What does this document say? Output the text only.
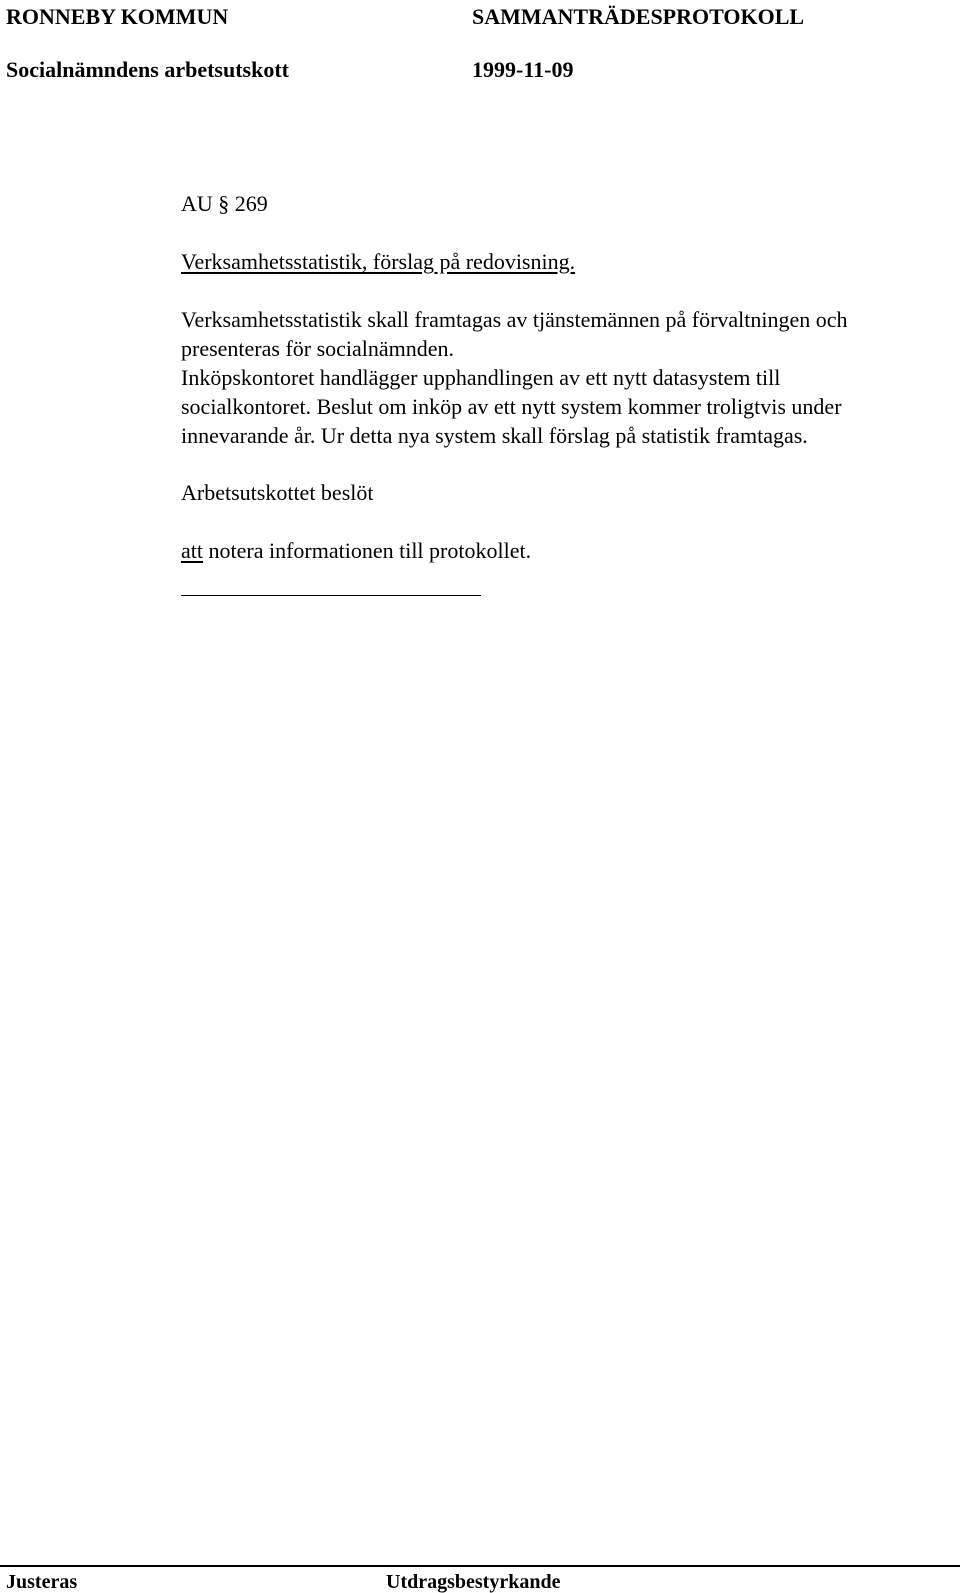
RONNEBY KOMMUN	SAMMANTRÄDESPROTOKOLL
Socialnämndens arbetsutskott	1999-11-09
AU § 269
Verksamhetsstatistik, förslag på redovisning.
Verksamhetsstatistik skall framtagas av tjänstemännen på förvaltningen och
presenteras för socialnämnden.
Inköpskontoret handlägger upphandlingen av ett nytt datasystem till
socialkontoret. Beslut om inköp av ett nytt system kommer troligtvis under
innevarande år. Ur detta nya system skall förslag på statistik framtagas.
Arbetsutskottet beslöt
att notera informationen till protokollet.
Justeras	Utdragsbestyrkande
